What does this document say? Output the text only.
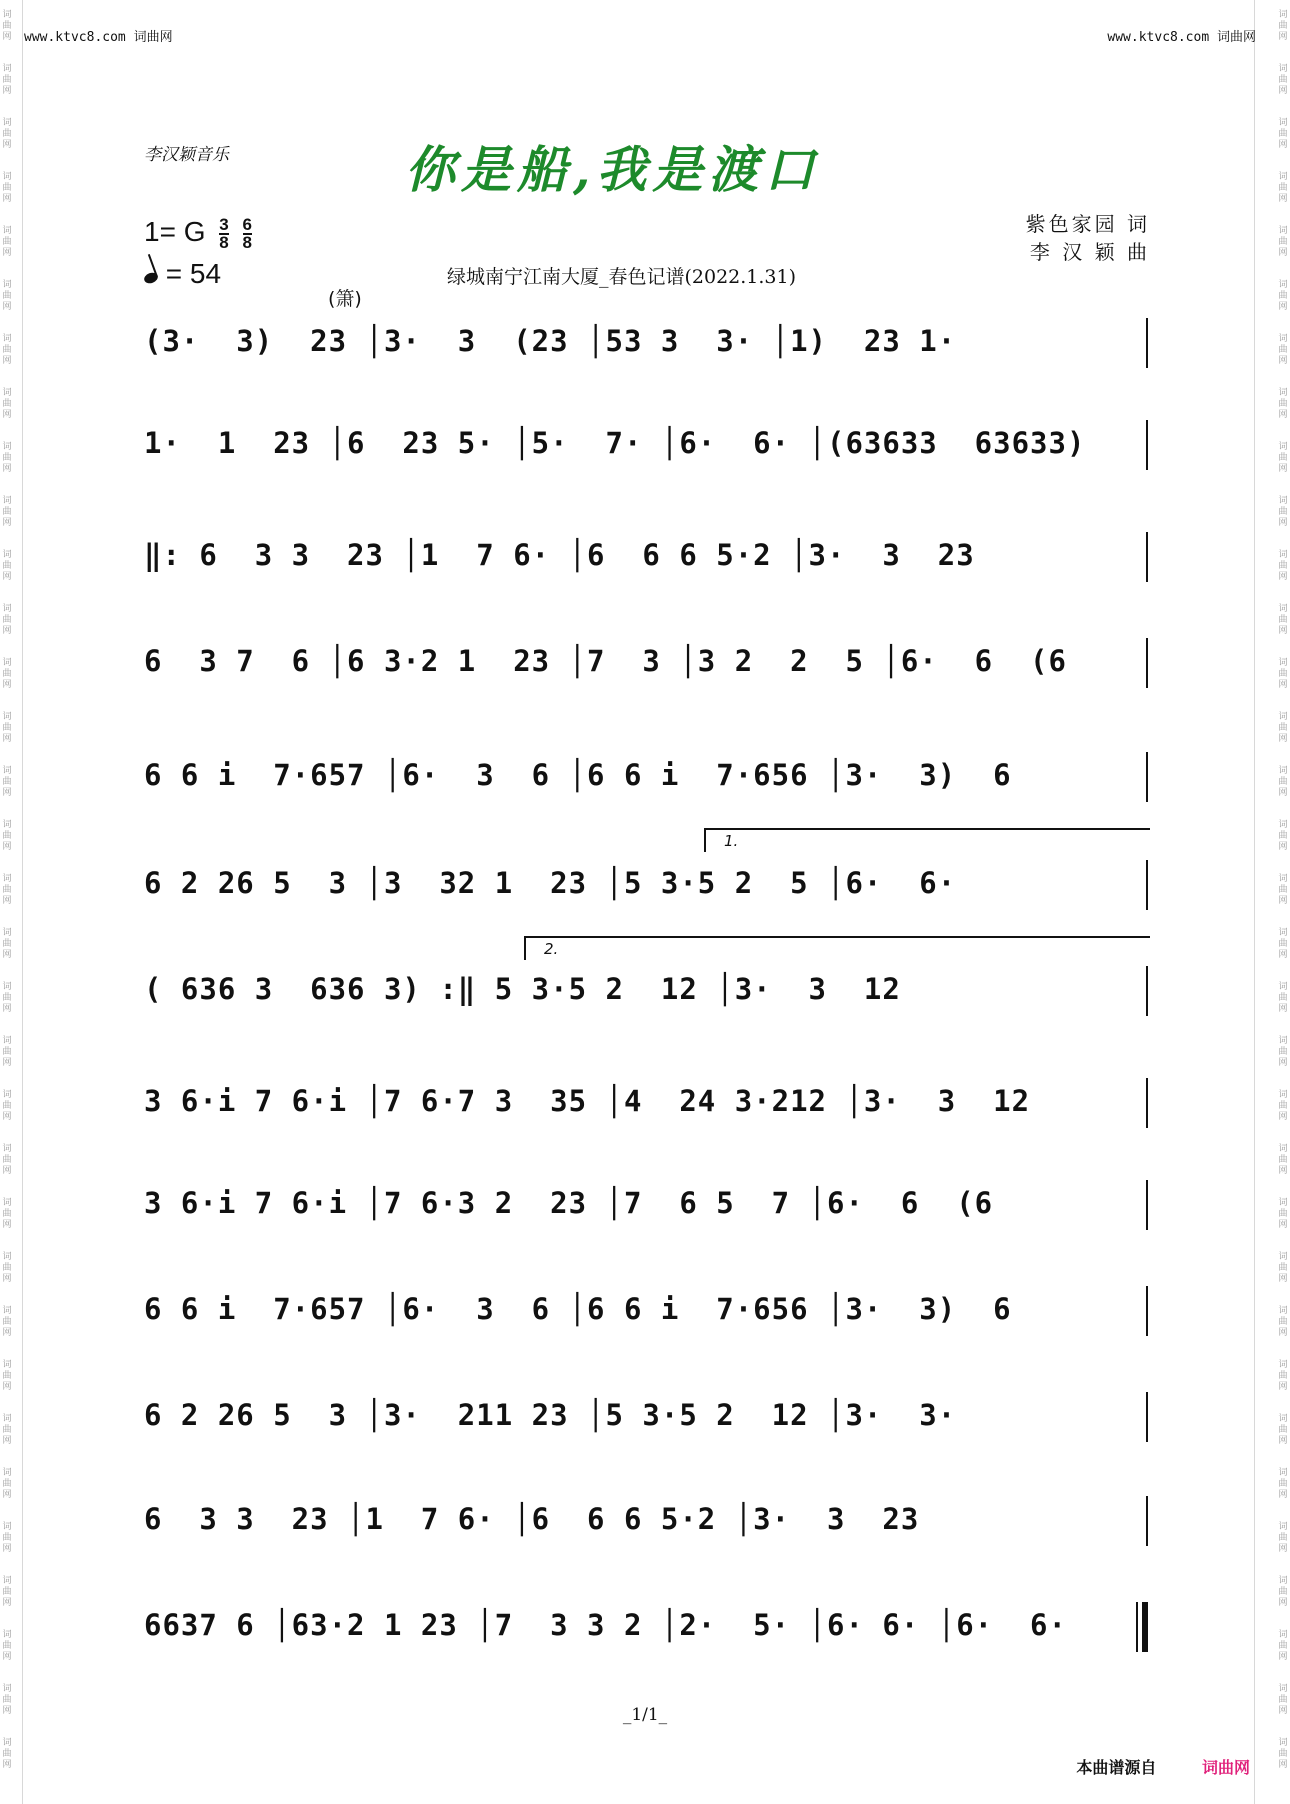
词曲网
词曲网
词曲网
词曲网
词曲网
词曲网
词曲网
词曲网
词曲网
词曲网
词曲网
词曲网
词曲网
词曲网
词曲网
词曲网
词曲网
词曲网
词曲网
词曲网
词曲网
词曲网
词曲网
词曲网
词曲网
词曲网
词曲网
词曲网
词曲网
词曲网
词曲网
词曲网
词曲网
词曲网
词曲网
词曲网
词曲网
词曲网
词曲网
词曲网
词曲网
词曲网
词曲网
词曲网
词曲网
词曲网
词曲网
词曲网
词曲网
词曲网
词曲网
词曲网
词曲网
词曲网
词曲网
词曲网
词曲网
词曲网
词曲网
词曲网
词曲网
词曲网
词曲网
词曲网
词曲网
词曲网
www.ktvc8.com 词曲网	www.ktvc8.com 词曲网
李汉颖音乐	你是船,我是渡口
紫色家园 词
李 汉 颖 曲
1= G $\frac{3}{8}$
$\frac{6}{8}$
= 54	绿城南宁江南大厦_春色记谱(2022.1.31)
(箫)
(3·  3)  23 │3·  3  (23 │53 3  3· │1)  23 1·
1·  1  23 │6  23 5· │5·  7· │6·  6· │(63633  63633)
‖: 6  3 3  23 │1  7 6· │6  6 6 5·2 │3·  3  23
6  3 7  6 │6 3·2 1  23 │7  3 │3 2  2  5 │6·  6  (6
6 6 i  7·657 │6·  3  6 │6 6 i  7·656 │3·  3)  6
1.
6 2 26 5  3 │3  32 1  23 │5 3·5 2  5 │6·  6·
2.
( 636 3  636 3) :‖ 5 3·5 2  12 │3·  3  12
3 6·i 7 6·i │7 6·7 3  35 │4  24 3·212 │3·  3  12
3 6·i 7 6·i │7 6·3 2  23 │7  6 5  7 │6·  6  (6
6 6 i  7·657 │6·  3  6 │6 6 i  7·656 │3·  3)  6
6 2 26 5  3 │3·  211 23 │5 3·5 2  12 │3·  3·
6  3 3  23 │1  7 6· │6  6 6 5·2 │3·  3  23
6637 6 │63·2 1 23 │7  3 3 2 │2·  5· │6· 6· │6·  6·
_1/1_
本曲谱源自	词曲网
